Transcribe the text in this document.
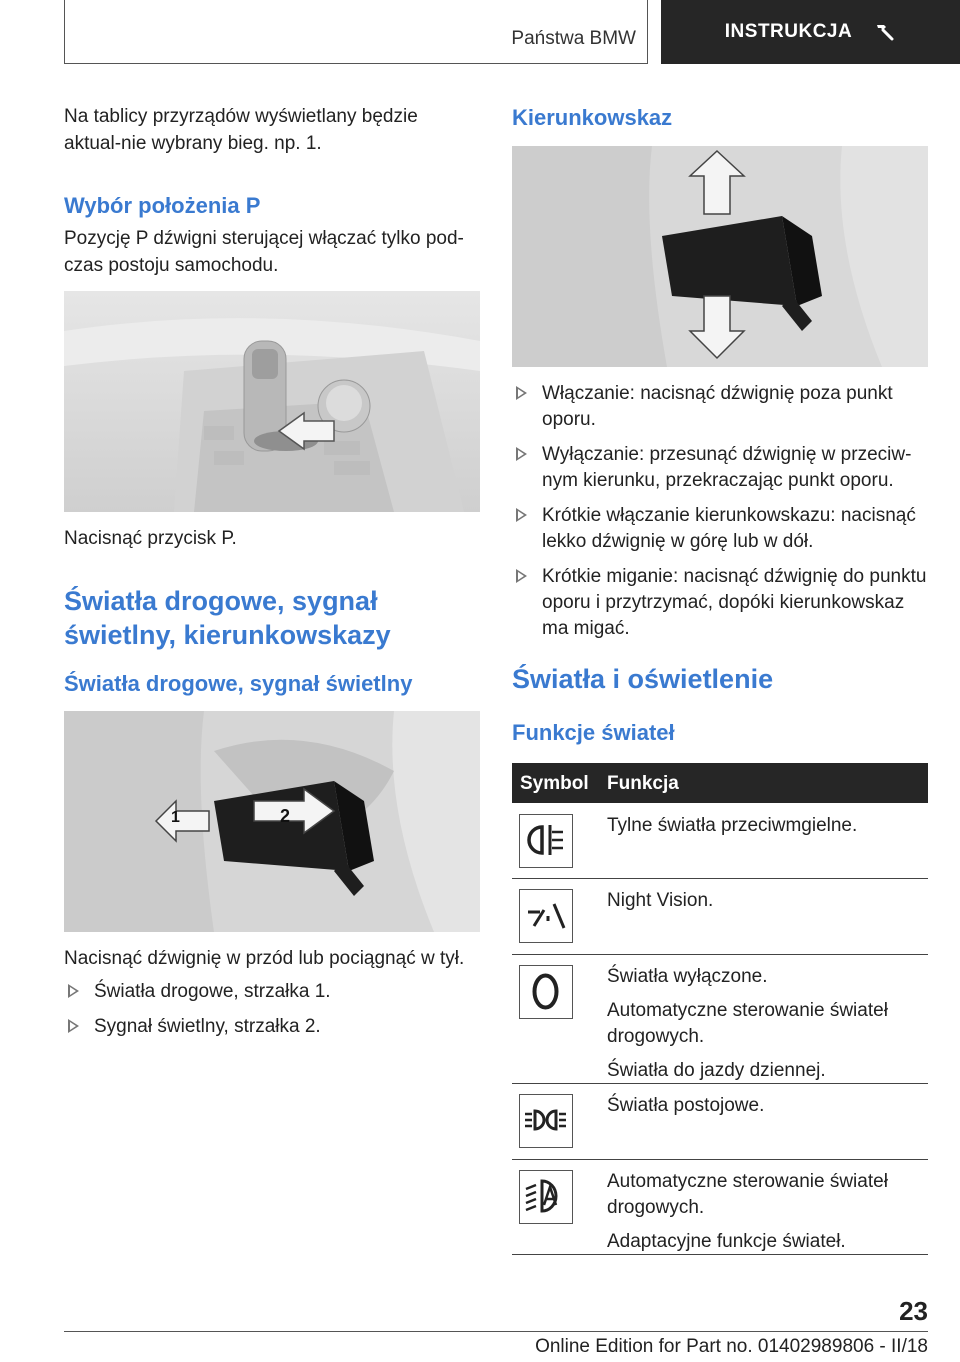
Państwa BMW	INSTRUKCJA
Na tablicy przyrządów wyświetlany będzie aktual-nie wybrany bieg. np. 1.
Wybór położenia P
Pozycję P dźwigni sterującej włączać tylko pod-czas postoju samochodu.
Nacisnąć przycisk P.
Światła drogowe, sygnał świetlny, kierunkowskazy
Światła drogowe, sygnał świetlny
1	2
Nacisnąć dźwignię w przód lub pociągnąć w tył.
Światła drogowe, strzałka 1.
Sygnał świetlny, strzałka 2.
Kierunkowskaz
Włączanie: nacisnąć dźwignię poza punkt oporu.
Wyłączanie: przesunąć dźwignię w przeciw-nym kierunku, przekraczając punkt oporu.
Krótkie włączanie kierunkowskazu: nacisnąć lekko dźwignię w górę lub w dół.
Krótkie miganie: nacisnąć dźwignię do punktu oporu i przytrzymać, dopóki kierunkowskaz ma migać.
Światła i oświetlenie
Funkcje świateł
Symbol Funkcja

Tylne światła przeciwmgielne.

Night Vision.

Światła wyłączone.

Automatyczne sterowanie świateł drogowych.

Światła do jazdy dziennej.

Światła postojowe.

Automatyczne sterowanie świateł drogowych.

Adaptacyjne funkcje świateł.

23
Online Edition for Part no. 01402989806 - II/18
